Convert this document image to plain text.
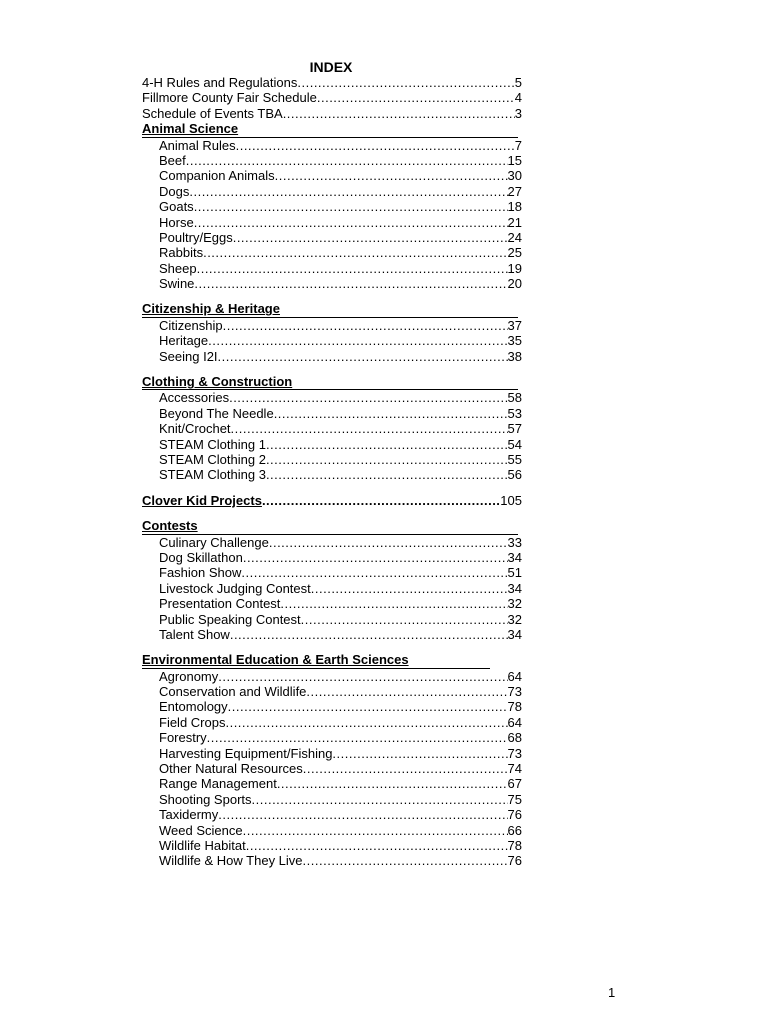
INDEX
4-H Rules and Regulations .....	5
Fillmore County Fair Schedule .....	4
Schedule of Events TBA .....	3
Animal Science
Animal Rules .....	7
Beef .....	15
Companion Animals .....	30
Dogs .....	27
Goats .....	18
Horse .....	21
Poultry/Eggs .....	24
Rabbits .....	25
Sheep .....	19
Swine .....	20
Citizenship & Heritage
Citizenship .....	37
Heritage .....	35
Seeing I2I .....	38
Clothing & Construction
Accessories .....	58
Beyond The Needle .....	53
Knit/Crochet .....	57
STEAM Clothing 1 .....	54
STEAM Clothing 2 .....	55
STEAM Clothing 3 .....	56
Clover Kid Projects .....	105
Contests
Culinary Challenge .....	33
Dog Skillathon .....	34
Fashion Show .....	51
Livestock Judging Contest .....	34
Presentation Contest .....	32
Public Speaking Contest .....	32
Talent Show .....	34
Environmental Education & Earth Sciences
Agronomy .....	64
Conservation and Wildlife .....	73
Entomology .....	78
Field Crops .....	64
Forestry .....	68
Harvesting Equipment/Fishing .....	73
Other Natural Resources .....	74
Range Management .....	67
Shooting Sports .....	75
Taxidermy .....	76
Weed Science .....	66
Wildlife Habitat .....	78
Wildlife & How They Live .....	76
1
